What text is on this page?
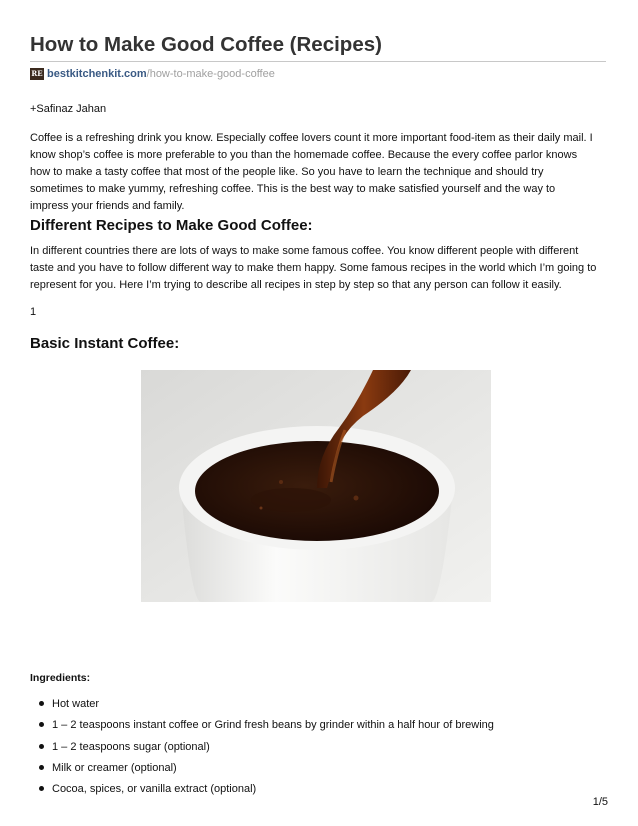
How to Make Good Coffee (Recipes)
RE bestkitchenkit.com /how-to-make-good-coffee
+Safinaz Jahan
Coffee is a refreshing drink you know. Especially coffee lovers count it more important food-item as their daily mail. I
know shop’s coffee is more preferable to you than the homemade coffee. Because the every coffee parlor knows
how to make a tasty coffee that most of the people like. So you have to learn the technique and should try
sometimes to make yummy, refreshing coffee. This is the best way to make satisfied yourself and the way to
impress your friends and family.
Different Recipes to Make Good Coffee:
In different countries there are lots of ways to make some famous coffee. You know different people with different
taste and you have to follow different way to make them happy. Some famous recipes in the world which I’m going to
represent for you. Here I’m trying to describe all recipes in step by step so that any person can follow it easily.
1
Basic Instant Coffee:
Ingredients:
Hot water
1 – 2 teaspoons instant coffee or Grind fresh beans by grinder within a half hour of brewing
1 – 2 teaspoons sugar (optional)
Milk or creamer (optional)
Cocoa, spices, or vanilla extract (optional)
1/5
